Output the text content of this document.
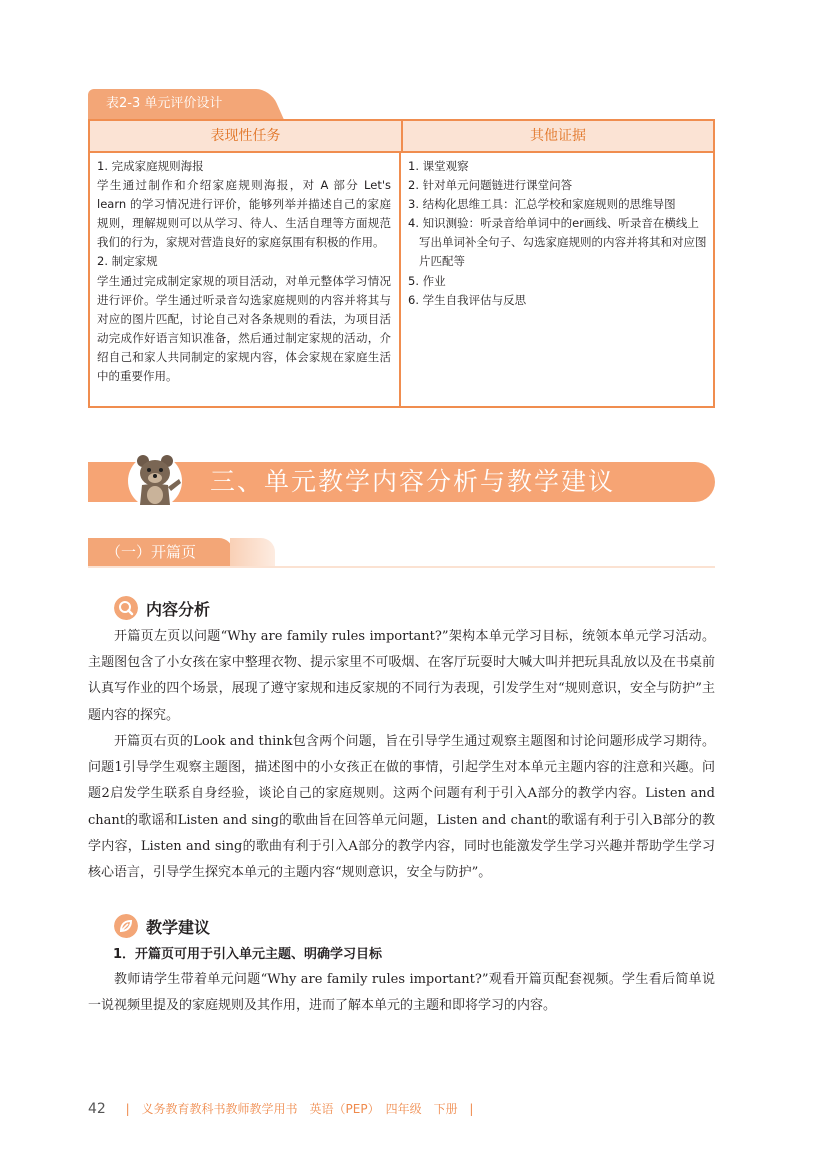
表2-3 单元评价设计
表现性任务	其他证据

1. 完成家庭规则海报

学生通过制作和介绍家庭规则海报，对 A 部分 Let's learn 的学习情况进行评价，能够列举并描述自己的家庭规则，理解规则可以从学习、待人、生活自理等方面规范我们的行为，家规对营造良好的家庭氛围有积极的作用。

2. 制定家规

学生通过完成制定家规的项目活动，对单元整体学习情况进行评价。学生通过听录音勾选家庭规则的内容并将其与对应的图片匹配，讨论自己对各条规则的看法，为项目活动完成作好语言知识准备，然后通过制定家规的活动，介绍自己和家人共同制定的家规内容，体会家规在家庭生活中的重要作用。

1. 课堂观察
2. 针对单元问题链进行课堂问答
3. 结构化思维工具：汇总学校和家庭规则的思维导图
4. 知识测验：听录音给单词中的er画线、听录音在横线上写出单词补全句子、勾选家庭规则的内容并将其和对应图片匹配等
5. 作业
6. 学生自我评估与反思
三、单元教学内容分析与教学建议
（一）开篇页
内容分析

开篇页左页以问题“Why are family rules important?”架构本单元学习目标，统领本单元学习活动。主题图包含了小女孩在家中整理衣物、提示家里不可吸烟、在客厅玩耍时大喊大叫并把玩具乱放以及在书桌前认真写作业的四个场景，展现了遵守家规和违反家规的不同行为表现，引发学生对“规则意识，安全与防护”主题内容的探究。

开篇页右页的Look and think包含两个问题，旨在引导学生通过观察主题图和讨论问题形成学习期待。问题1引导学生观察主题图，描述图中的小女孩正在做的事情，引起学生对本单元主题内容的注意和兴趣。问题2启发学生联系自身经验，谈论自己的家庭规则。这两个问题有利于引入A部分的教学内容。Listen and chant的歌谣和Listen and sing的歌曲旨在回答单元问题，Listen and chant的歌谣有利于引入B部分的教学内容，Listen and sing的歌曲有利于引入A部分的教学内容，同时也能激发学生学习兴趣并帮助学生学习核心语言，引导学生探究本单元的主题内容“规则意识，安全与防护”。

教学建议
1．开篇页可用于引入单元主题、明确学习目标

教师请学生带着单元问题“Why are family rules important?”观看开篇页配套视频。学生看后简单说一说视频里提及的家庭规则及其作用，进而了解本单元的主题和即将学习的内容。

42 | 义务教育教科书教师教学用书　英语（PEP）　四年级　下册 |
